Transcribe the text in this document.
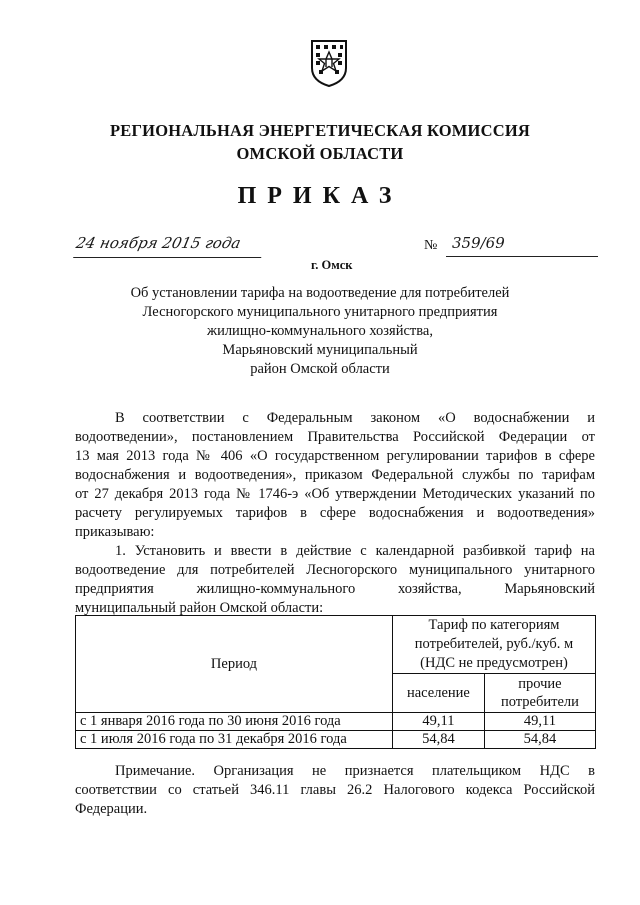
РЕГИОНАЛЬНАЯ ЭНЕРГЕТИЧЕСКАЯ КОМИССИЯ
ОМСКОЙ ОБЛАСТИ
ПРИКАЗ
24 ноября 2015 года	№ 359/69
г. Омск
Об установлении тарифа на водоотведение для потребителей
Лесногорского муниципального унитарного предприятия
жилищно-коммунального хозяйства,
Марьяновский муниципальный
район Омской области
В соответствии с Федеральным законом «О водоснабжении и
водоотведении», постановлением Правительства Российской Федерации от
13 мая 2013 года № 406 «О государственном регулировании тарифов в сфере
водоснабжения и водоотведения», приказом Федеральной службы по тарифам
от 27 декабря 2013 года № 1746-э «Об утверждении Методических указаний по
расчету регулируемых тарифов в сфере водоснабжения и водоотведения»
приказываю:
1. Установить и ввести в действие с календарной разбивкой тариф на
водоотведение для потребителей Лесногорского муниципального унитарного
предприятия жилищно-коммунального хозяйства, Марьяновский
муниципальный район Омской области:
Период	Тариф по категориям
потребителей, руб./куб. м
(НДС не предусмотрен)	

	население	прочие
потребители

с 1 января 2016 года по 30 июня 2016 года	49,11	49,11
с 1 июля 2016 года по 31 декабря 2016 года	54,84	54,84
Примечание. Организация не признается плательщиком НДС в
соответствии со статьей 346.11 главы 26.2 Налогового кодекса Российской
Федерации.
